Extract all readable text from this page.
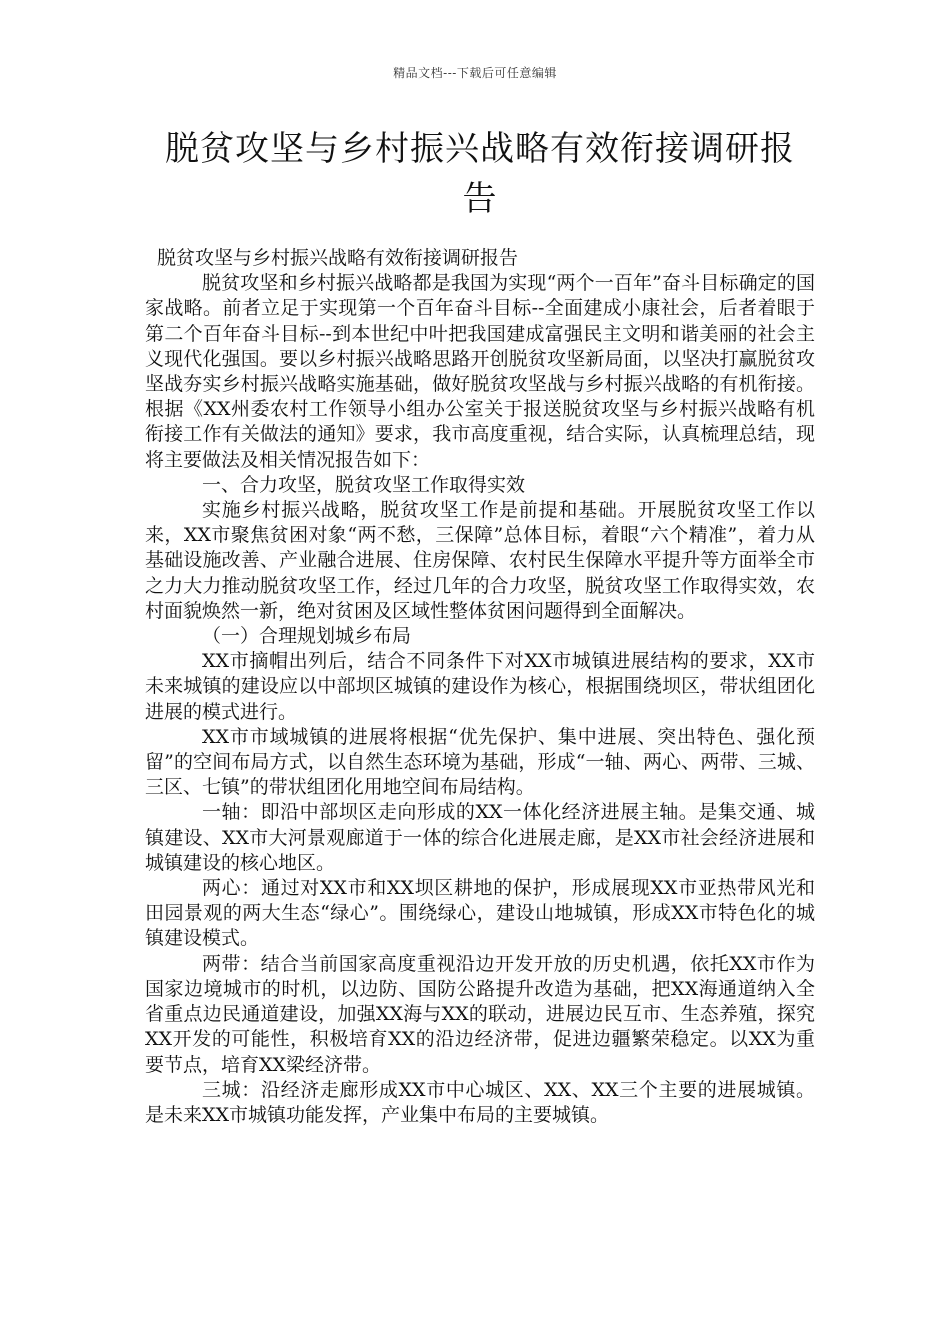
精品文档---下载后可任意编辑
脱贫攻坚与乡村振兴战略有效衔接调研报告

脱贫攻坚与乡村振兴战略有效衔接调研报告

脱贫攻坚和乡村振兴战略都是我国为实现“两个一百年”奋斗目标确定的国家战略。前者立足于实现第一个百年奋斗目标--全面建成小康社会，后者着眼于第二个百年奋斗目标--到本世纪中叶把我国建成富强民主文明和谐美丽的社会主义现代化强国。要以乡村振兴战略思路开创脱贫攻坚新局面，以坚决打赢脱贫攻坚战夯实乡村振兴战略实施基础，做好脱贫攻坚战与乡村振兴战略的有机衔接。根据《XX州委农村工作领导小组办公室关于报送脱贫攻坚与乡村振兴战略有机衔接工作有关做法的通知》要求，我市高度重视，结合实际，认真梳理总结，现将主要做法及相关情况报告如下：

一、合力攻坚，脱贫攻坚工作取得实效

实施乡村振兴战略，脱贫攻坚工作是前提和基础。开展脱贫攻坚工作以来，XX市聚焦贫困对象“两不愁，三保障”总体目标，着眼“六个精准”，着力从基础设施改善、产业融合进展、住房保障、农村民生保障水平提升等方面举全市之力大力推动脱贫攻坚工作，经过几年的合力攻坚，脱贫攻坚工作取得实效，农村面貌焕然一新，绝对贫困及区域性整体贫困问题得到全面解决。

（一）合理规划城乡布局

XX市摘帽出列后，结合不同条件下对XX市城镇进展结构的要求，XX市未来城镇的建设应以中部坝区城镇的建设作为核心，根据围绕坝区，带状组团化进展的模式进行。

XX市市域城镇的进展将根据“优先保护、集中进展、突出特色、强化预留”的空间布局方式，以自然生态环境为基础，形成“一轴、两心、两带、三城、三区、七镇”的带状组团化用地空间布局结构。

一轴：即沿中部坝区走向形成的XX一体化经济进展主轴。是集交通、城镇建设、XX市大河景观廊道于一体的综合化进展走廊，是XX市社会经济进展和城镇建设的核心地区。

两心：通过对XX市和XX坝区耕地的保护，形成展现XX市亚热带风光和田园景观的两大生态“绿心”。围绕绿心，建设山地城镇，形成XX市特色化的城镇建设模式。

两带：结合当前国家高度重视沿边开发开放的历史机遇，依托XX市作为国家边境城市的时机，以边防、国防公路提升改造为基础，把XX海通道纳入全省重点边民通道建设，加强XX海与XX的联动，进展边民互市、生态养殖，探究XX开发的可能性，积极培育XX的沿边经济带，促进边疆繁荣稳定。以XX为重要节点，培育XX梁经济带。

三城：沿经济走廊形成XX市中心城区、XX、XX三个主要的进展城镇。是未来XX市城镇功能发挥，产业集中布局的主要城镇。
